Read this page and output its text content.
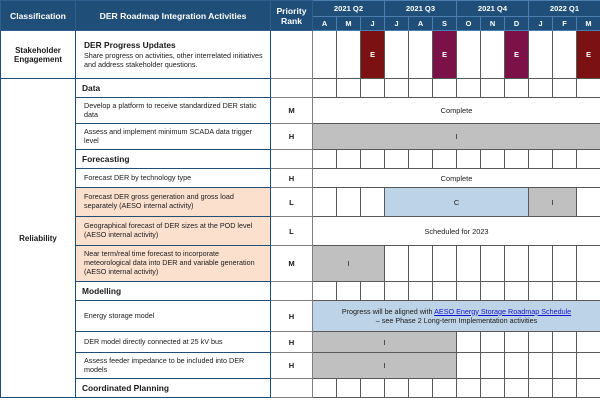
Classification	DER Roadmap Integration Activities	Priority
Rank	2021 Q2			2021 Q3			2021 Q4			2022 Q1		
			A	M	J	J	A	S	O	N	D	J	F	M
Stakeholder Engagement	DER Progress Updates
Share progress on activities, other interrelated initiatives and address stakeholder questions.				E			E			E			E
Reliability	Data													
	Develop a platform to receive standardized DER static data	M	Complete											
	Assess and implement minimum SCADA data trigger level	H	I											
	Forecasting													
	Forecast DER by technology type	H	Complete											
	Forecast DER gross generation and gross load separately (AESO internal activity)	L				C						I		
	Geographical forecast of DER sizes at the POD level (AESO internal activity)	L	Scheduled for 2023											
	Near term/real time forecast to incorporate meteorological data into DER and variable generation (AESO internal activity)	M	I											
	Modelling													
	Energy storage model	H	Progress will be aligned with AESO Energy Storage Roadmap Schedule
– see Phase 2 Long-term Implementation activities											

	DER model directly connected at 25 kV bus	H	I											
	Assess feeder impedance to be included into DER models	H	I											
	Coordinated Planning													
